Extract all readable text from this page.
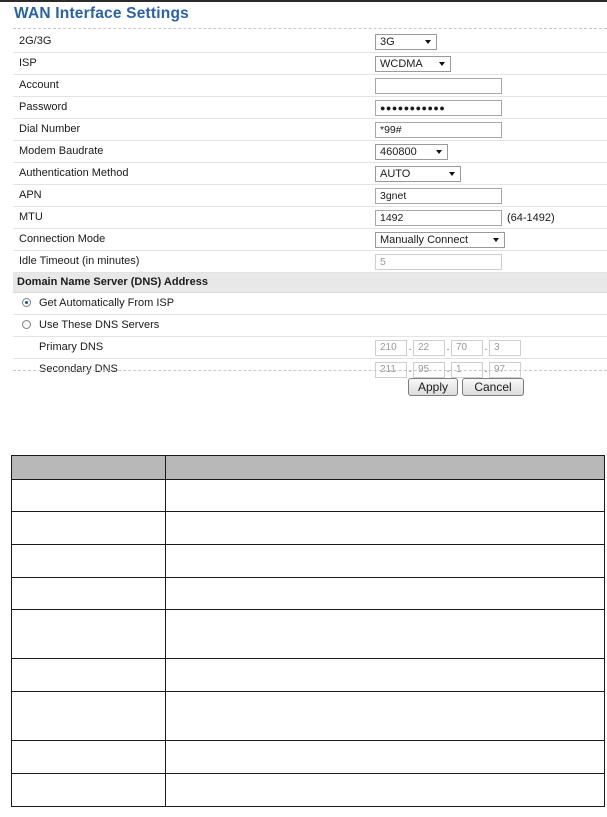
WAN Interface Settings
2G/3G	3G
ISP	WCDMA
Account
Password	●●●●●●●●●●●
Dial Number	*99#
Modem Baudrate	460800
Authentication Method	AUTO
APN	3gnet
MTU	1492	(64-1492)
Connection Mode	Manually Connect
Idle Timeout (in minutes)	5
Domain Name Server (DNS) Address
Get Automatically From ISP
Use These DNS Servers
Primary DNS	210 . 22 . 70 . 3
Secondary DNS	211 . 95 . 1 . 97
Apply	Cancel
